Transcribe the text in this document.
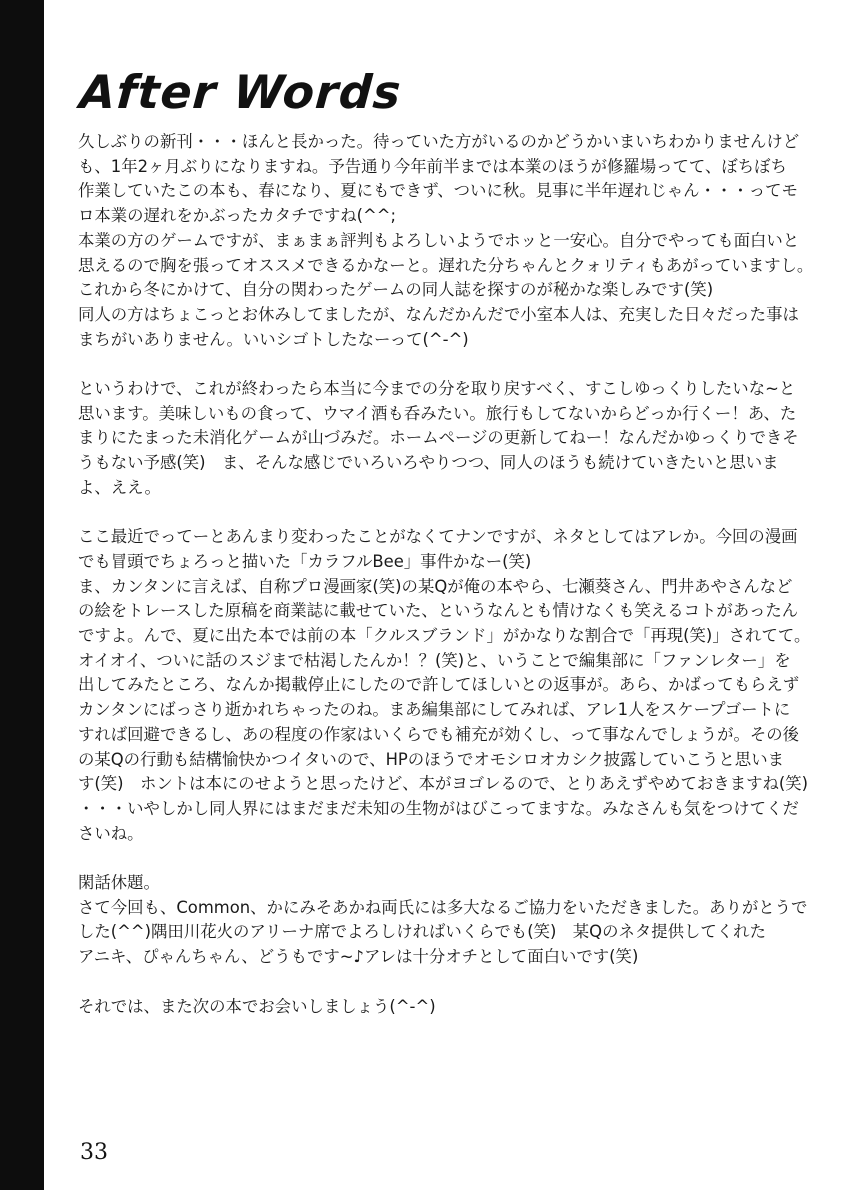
After Words
久しぶりの新刊・・・ほんと長かった。待っていた方がいるのかどうかいまいちわかりませんけど
も、1年2ヶ月ぶりになりますね。予告通り今年前半までは本業のほうが修羅場ってて、ぼちぼち
作業していたこの本も、春になり、夏にもできず、ついに秋。見事に半年遅れじゃん・・・ってモ
ロ本業の遅れをかぶったカタチですね(^^;
本業の方のゲームですが、まぁまぁ評判もよろしいようでホッと一安心。自分でやっても面白いと
思えるので胸を張ってオススメできるかなーと。遅れた分ちゃんとクォリティもあがっていますし。
これから冬にかけて、自分の関わったゲームの同人誌を探すのが秘かな楽しみです(笑)
同人の方はちょこっとお休みしてましたが、なんだかんだで小室本人は、充実した日々だった事は
まちがいありません。いいシゴトしたなーって(^-^)
というわけで、これが終わったら本当に今までの分を取り戻すべく、すこしゆっくりしたいな~と
思います。美味しいもの食って、ウマイ酒も呑みたい。旅行もしてないからどっか行くー！あ、た
まりにたまった未消化ゲームが山づみだ。ホームページの更新してねー！なんだかゆっくりできそ
うもない予感(笑)　ま、そんな感じでいろいろやりつつ、同人のほうも続けていきたいと思いま
よ、ええ。
ここ最近でってーとあんまり変わったことがなくてナンですが、ネタとしてはアレか。今回の漫画
でも冒頭でちょろっと描いた「カラフルBee」事件かなー(笑)
ま、カンタンに言えば、自称プロ漫画家(笑)の某Qが俺の本やら、七瀬葵さん、門井あやさんなど
の絵をトレースした原稿を商業誌に載せていた、というなんとも情けなくも笑えるコトがあったん
ですよ。んで、夏に出た本では前の本「クルスブランド」がかなりな割合で「再現(笑)」されてて。
オイオイ、ついに話のスジまで枯渇したんか！？(笑)と、いうことで編集部に「ファンレター」を
出してみたところ、なんか掲載停止にしたので許してほしいとの返事が。あら、かばってもらえず
カンタンにばっさり逝かれちゃったのね。まあ編集部にしてみれば、アレ1人をスケープゴートに
すれば回避できるし、あの程度の作家はいくらでも補充が効くし、って事なんでしょうが。その後
の某Qの行動も結構愉快かつイタいので、HPのほうでオモシロオカシク披露していこうと思いま
す(笑)　ホントは本にのせようと思ったけど、本がヨゴレるので、とりあえずやめておきますね(笑)
・・・いやしかし同人界にはまだまだ未知の生物がはびこってますな。みなさんも気をつけてくだ
さいね。
閑話休題。
さて今回も、Common、かにみそあかね両氏には多大なるご協力をいただきました。ありがとうで
した(^^)隅田川花火のアリーナ席でよろしければいくらでも(笑)　某Qのネタ提供してくれた
アニキ、ぴゃんちゃん、どうもです~♪アレは十分オチとして面白いです(笑)
それでは、また次の本でお会いしましょう(^-^)
33
